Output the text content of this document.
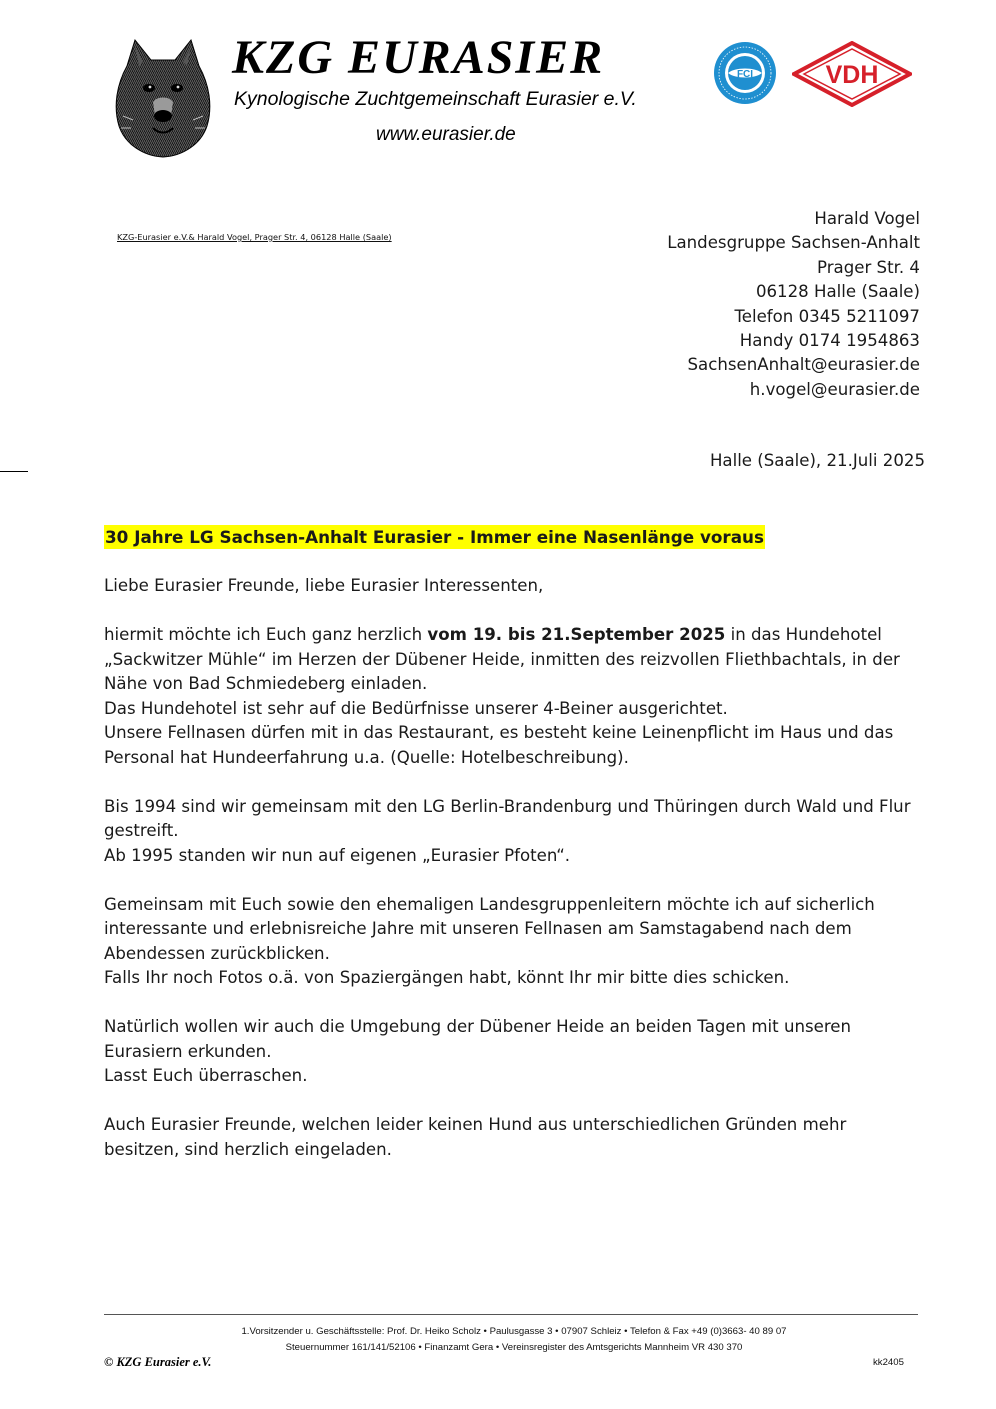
KZG EURASIER
Kynologische Zuchtgemeinschaft Eurasier e.V.
www.eurasier.de
FCI	VDH
KZG-Eurasier e.V.& Harald Vogel, Prager Str. 4, 06128 Halle (Saale)
Harald Vogel
Landesgruppe Sachsen-Anhalt
Prager Str. 4
06128 Halle (Saale)
Telefon 0345 5211097
Handy 0174 1954863
SachsenAnhalt@eurasier.de
h.vogel@eurasier.de
Halle (Saale), 21.Juli 2025
30 Jahre LG Sachsen-Anhalt Eurasier - Immer eine Nasenlänge voraus

Liebe Eurasier Freunde, liebe Eurasier Interessenten,

hiermit möchte ich Euch ganz herzlich vom 19. bis 21.September 2025 in das Hundehotel
„Sackwitzer Mühle“ im Herzen der Dübener Heide, inmitten des reizvollen Fliethbachtals, in der
Nähe von Bad Schmiedeberg einladen.
Das Hundehotel ist sehr auf die Bedürfnisse unserer 4-Beiner ausgerichtet.
Unsere Fellnasen dürfen mit in das Restaurant, es besteht keine Leinenpflicht im Haus und das
Personal hat Hundeerfahrung u.a. (Quelle: Hotelbeschreibung).

Bis 1994 sind wir gemeinsam mit den LG Berlin-Brandenburg und Thüringen durch Wald und Flur
gestreift.
Ab 1995 standen wir nun auf eigenen „Eurasier Pfoten“.

Gemeinsam mit Euch sowie den ehemaligen Landesgruppenleitern möchte ich auf sicherlich
interessante und erlebnisreiche Jahre mit unseren Fellnasen am Samstagabend nach dem
Abendessen zurückblicken.
Falls Ihr noch Fotos o.ä. von Spaziergängen habt, könnt Ihr mir bitte dies schicken.

Natürlich wollen wir auch die Umgebung der Dübener Heide an beiden Tagen mit unseren
Eurasiern erkunden.
Lasst Euch überraschen.

Auch Eurasier Freunde, welchen leider keinen Hund aus unterschiedlichen Gründen mehr
besitzen, sind herzlich eingeladen.

1.Vorsitzender u. Geschäftsstelle: Prof. Dr. Heiko Scholz • Paulusgasse 3 • 07907 Schleiz • Telefon & Fax +49 (0)3663- 40 89 07
Steuernummer 161/141/52106 • Finanzamt Gera • Vereinsregister des Amtsgerichts Mannheim VR 430 370
© KZG Eurasier e.V.	kk2405
